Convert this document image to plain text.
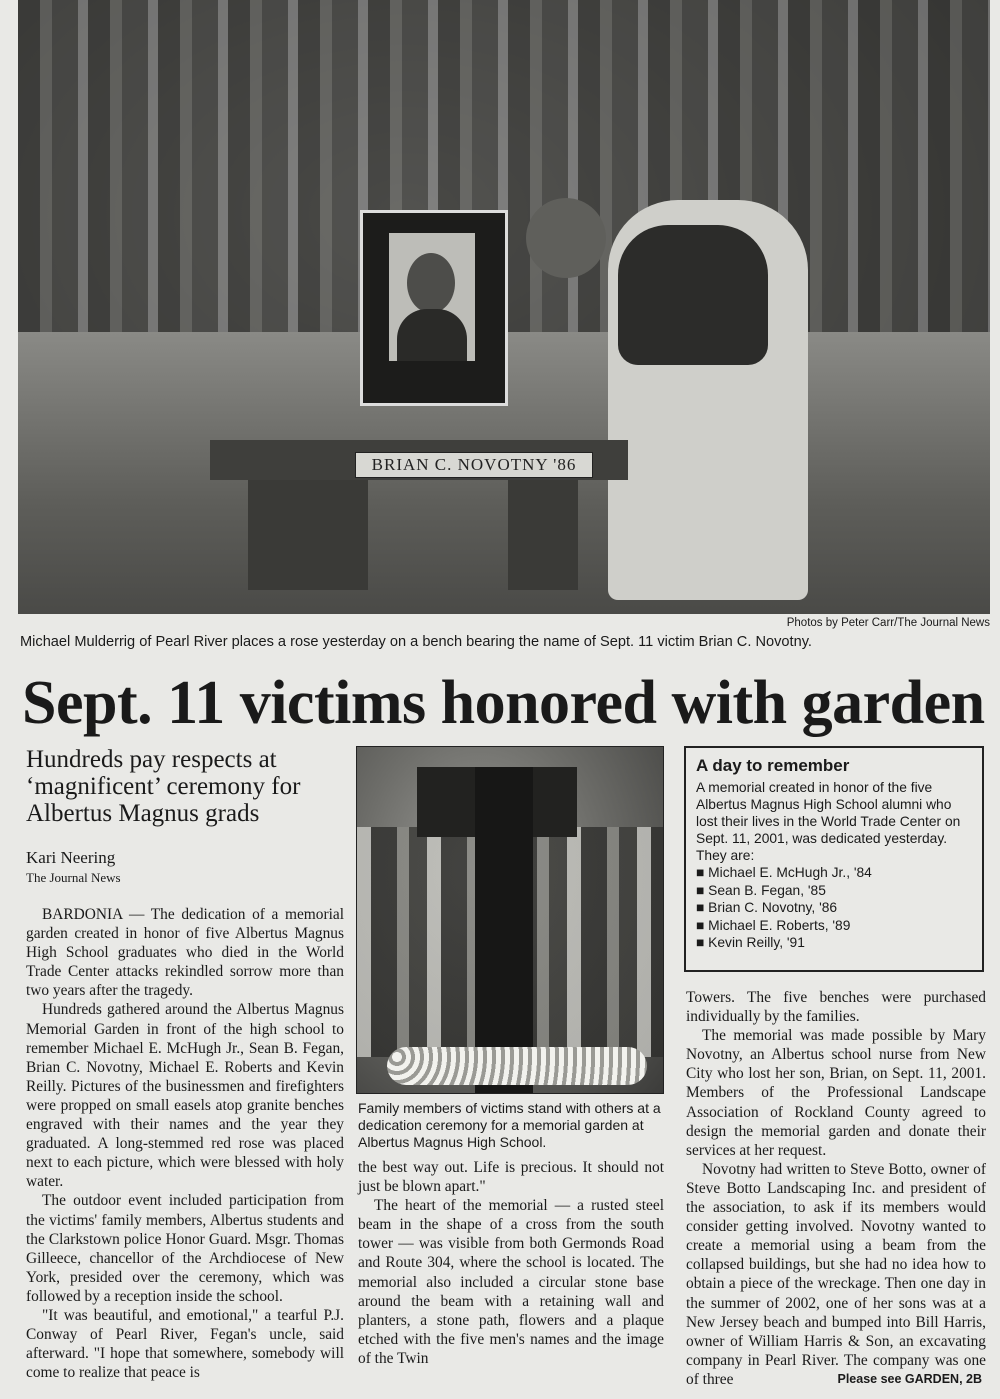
BRIAN C. NOVOTNY '86
Photos by Peter Carr/The Journal News
Michael Mulderrig of Pearl River places a rose yesterday on a bench bearing the name of Sept. 11 victim Brian C. Novotny.
Sept. 11 victims honored with garden
Hundreds pay respects at ‘magnificent’ ceremony for Albertus Magnus grads
Kari Neering
The Journal News

BARDONIA — The dedication of a memorial garden created in honor of five Albertus Magnus High School graduates who died in the World Trade Center attacks rekindled sorrow more than two years after the tragedy.

Hundreds gathered around the Albertus Magnus Memorial Garden in front of the high school to remember Michael E. McHugh Jr., Sean B. Fegan, Brian C. Novotny, Michael E. Roberts and Kevin Reilly. Pictures of the businessmen and firefighters were propped on small easels atop granite benches engraved with their names and the year they graduated. A long-stemmed red rose was placed next to each picture, which were blessed with holy water.

The outdoor event included participation from the victims' family members, Albertus students and the Clarkstown police Honor Guard. Msgr. Thomas Gilleece, chancellor of the Archdiocese of New York, presided over the ceremony, which was followed by a reception inside the school.

"It was beautiful, and emotional," a tearful P.J. Conway of Pearl River, Fegan's uncle, said afterward. "I hope that somewhere, somebody will come to realize that peace is

Family members of victims stand with others at a dedication ceremony for a memorial garden at Albertus Magnus High School.

the best way out. Life is precious. It should not just be blown apart."

The heart of the memorial — a rusted steel beam in the shape of a cross from the south tower — was visible from both Germonds Road and Route 304, where the school is located. The memorial also included a circular stone base around the beam with a retaining wall and planters, a stone path, flowers and a plaque etched with the five men's names and the image of the Twin

A day to remember
A memorial created in honor of the five Albertus Magnus High School alumni who lost their lives in the World Trade Center on Sept. 11, 2001, was dedicated yesterday. They are:
■ Michael E. McHugh Jr., '84
■ Sean B. Fegan, '85
■ Brian C. Novotny, '86
■ Michael E. Roberts, '89
■ Kevin Reilly, '91

Towers. The five benches were purchased individually by the families.

The memorial was made possible by Mary Novotny, an Albertus school nurse from New City who lost her son, Brian, on Sept. 11, 2001. Members of the Professional Landscape Association of Rockland County agreed to design the memorial garden and donate their services at her request.

Novotny had written to Steve Botto, owner of Steve Botto Landscaping Inc. and president of the association, to ask if its members would consider getting involved. Novotny wanted to create a memorial using a beam from the collapsed buildings, but she had no idea how to obtain a piece of the wreckage. Then one day in the summer of 2002, one of her sons was at a New Jersey beach and bumped into Bill Harris, owner of William Harris & Son, an excavating company in Pearl River. The company was one of three	Please see GARDEN, 2B
